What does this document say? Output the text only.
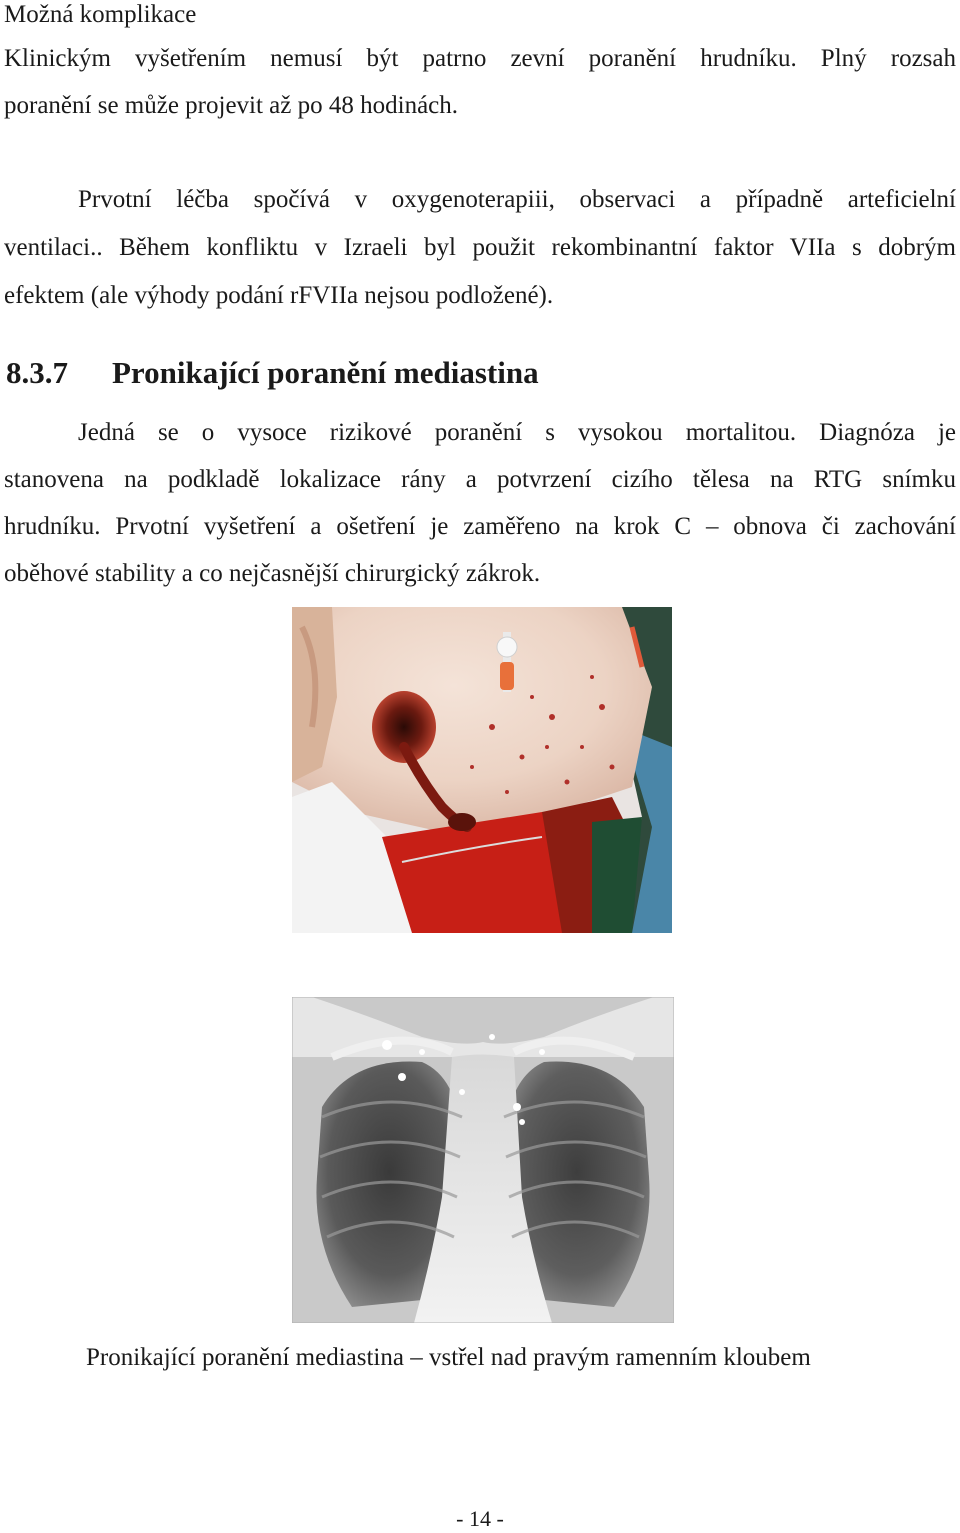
Možná komplikace
Klinickým vyšetřením nemusí být patrno zevní poranění hrudníku. Plný rozsah
poranění se může projevit až po 48 hodinách.
Prvotní léčba spočívá v oxygenoterapiii, observaci a případně arteficielní
ventilaci.. Během konfliktu v Izraeli byl použit rekombinantní faktor VIIa s dobrým
efektem (ale výhody podání rFVIIa nejsou podložené).
8.3.7 Pronikající poranění mediastina
Jedná se o vysoce rizikové poranění s vysokou mortalitou. Diagnóza je
stanovena na podkladě lokalizace rány a potvrzení cizího tělesa na RTG snímku
hrudníku. Prvotní vyšetření a ošetření je zaměřeno na krok C – obnova či zachování
oběhové stability a co nejčasnější chirurgický zákrok.
Pronikající poranění mediastina – vstřel nad pravým ramenním kloubem
- 14 -
